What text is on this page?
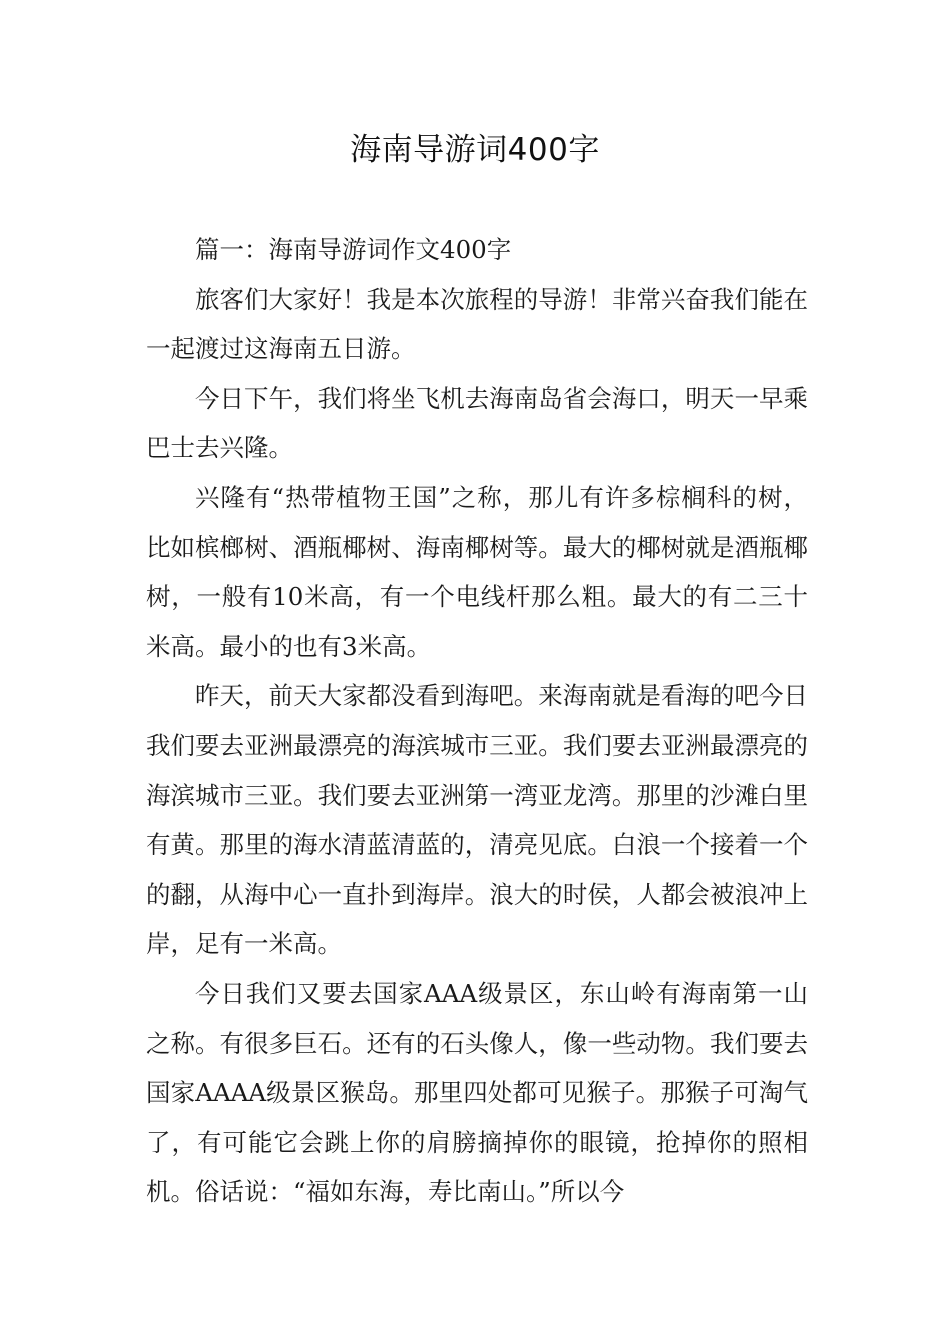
海南导游词400字

篇一：海南导游词作文400字

旅客们大家好！我是本次旅程的导游！非常兴奋我们能在一起渡过这海南五日游。

今日下午，我们将坐飞机去海南岛省会海口，明天一早乘巴士去兴隆。

兴隆有“热带植物王国”之称，那儿有许多棕榈科的树，比如槟榔树、酒瓶椰树、海南椰树等。最大的椰树就是酒瓶椰树，一般有10米高，有一个电线杆那么粗。最大的有二三十米高。最小的也有3米高。

昨天，前天大家都没看到海吧。来海南就是看海的吧今日我们要去亚洲最漂亮的海滨城市三亚。我们要去亚洲最漂亮的海滨城市三亚。我们要去亚洲第一湾亚龙湾。那里的沙滩白里有黄。那里的海水清蓝清蓝的，清亮见底。白浪一个接着一个的翻，从海中心一直扑到海岸。浪大的时侯，人都会被浪冲上岸，足有一米高。

今日我们又要去国家AAA级景区，东山岭有海南第一山之称。有很多巨石。还有的石头像人，像一些动物。我们要去国家AAAA级景区猴岛。那里四处都可见猴子。那猴子可淘气了，有可能它会跳上你的肩膀摘掉你的眼镜，抢掉你的照相机。俗话说：“福如东海，寿比南山。”所以今
